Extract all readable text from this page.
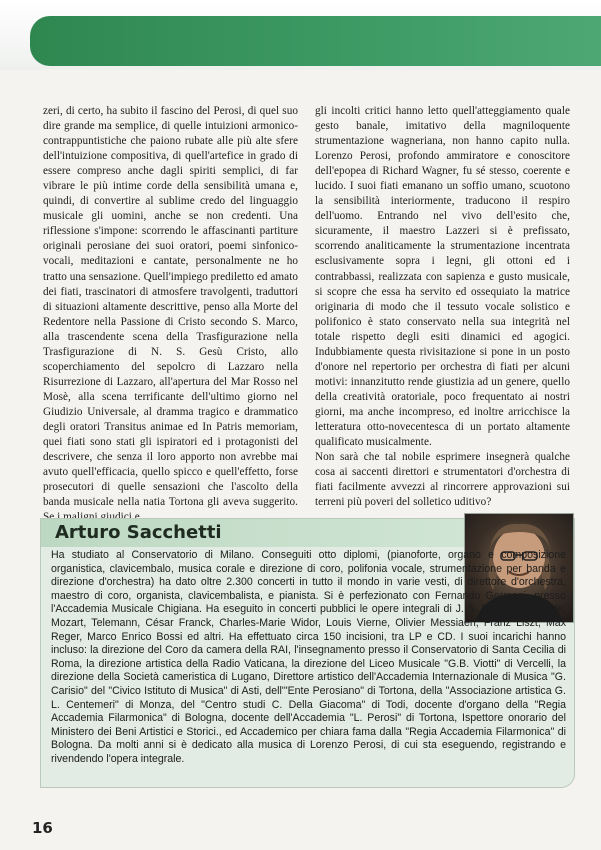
zeri, di certo, ha subito il fascino del Perosi, di quel suo dire grande ma semplice, di quelle intuizioni armonico-contrappuntistiche che paiono rubate alle più alte sfere dell'intuizione compositiva, di quell'artefice in grado di essere compreso anche dagli spiriti semplici, di far vibrare le più intime corde della sensibilità umana e, quindi, di convertire al sublime credo del linguaggio musicale gli uomini, anche se non credenti. Una riflessione s'impone: scorrendo le affascinanti partiture originali perosiane dei suoi oratori, poemi sinfonico-vocali, meditazioni e cantate, personalmente ne ho tratto una sensazione. Quell'impiego prediletto ed amato dei fiati, trascinatori di atmosfere travolgenti, traduttori di situazioni altamente descrittive, penso alla Morte del Redentore nella Passione di Cristo secondo S. Marco, alla trascendente scena della Trasfigurazione nella Trasfigurazione di N. S. Gesù Cristo, allo scoperchiamento del sepolcro di Lazzaro nella Risurrezione di Lazzaro, all'apertura del Mar Rosso nel Mosè, alla scena terrificante dell'ultimo giorno nel Giudizio Universale, al dramma tragico e drammatico degli oratori Transitus animae ed In Patris memoriam, quei fiati sono stati gli ispiratori ed i protagonisti del descrivere, che senza il loro apporto non avrebbe mai avuto quell'efficacia, quello spicco e quell'effetto, forse prosecutori di quelle sensazioni che l'ascolto della banda musicale nella natia Tortona gli aveva suggerito.

gli incolti critici hanno letto quell'atteggiamento quale gesto banale, imitativo della magniloquente strumentazione wagneriana, non hanno capito nulla. Lorenzo Perosi, profondo ammiratore e conoscitore dell'epopea di Richard Wagner, fu sé stesso, coerente e lucido. I suoi fiati emanano un soffio umano, scuotono la sensibilità interiormente, traducono il respiro dell'uomo. Entrando nel vivo dell'esito che, sicuramente, il maestro Lazzeri si è prefissato, scorrendo analiticamente la strumentazione incentrata esclusivamente sopra i legni, gli ottoni ed i contrabbassi, realizzata con sapienza e gusto musicale, si scopre che essa ha servito ed ossequiato la matrice originaria di modo che il tessuto vocale solistico e polifonico è stato conservato nella sua integrità nel totale rispetto degli esiti dinamici ed agogici. Indubbiamente questa rivisitazione si pone in un posto d'onore nel repertorio per orchestra di fiati per alcuni motivi: innanzitutto rende giustizia ad un genere, quello della creatività oratoriale, poco frequentato ai nostri giorni, ma anche incompreso, ed inoltre arricchisce la letteratura otto-novecentesca di un portato altamente qualificato musicalmente.

Non sarà che tal nobile esprimere insegnerà qualche cosa ai saccenti direttori e strumentatori d'orchestra di fiati facilmente avvezzi al rincorrere approvazioni sui terreni più poveri del solletico uditivo?

Arturo Sacchetti

Ha studiato al Conservatorio di Milano. Conseguiti otto diplomi, (pianoforte, organo e composizione organistica, clavicembalo, musica corale e direzione di coro, polifonia vocale, strumentazione per banda e direzione d'orchestra) ha dato oltre 2.300 concerti in tutto il mondo in varie vesti, di direttore d'orchestra, maestro di coro, organista, clavicembalista, e pianista. Si è perfezionato con Fernando Germani, presso l'Accademia Musicale Chigiana. Ha eseguito in concerti pubblici le opere integrali di J. S. Bach, Buxtehude, Mozart, Telemann, César Franck, Charles-Marie Widor, Louis Vierne, Olivier Messiaen, Franz Liszt, Max Reger, Marco Enrico Bossi ed altri. Ha effettuato circa 150 incisioni, tra LP e CD. I suoi incarichi hanno incluso: la direzione del Coro da camera della RAI, l'insegnamento presso il Conservatorio di Santa Cecilia di Roma, la direzione artistica della Radio Vaticana, la direzione del Liceo Musicale "G.B. Viotti" di Vercelli, la direzione della Società cameristica di Lugano, Direttore artistico dell'Accademia Internazionale di Musica "G. Carisio" del "Civico Istituto di Musica" di Asti, dell'"Ente Perosiano" di Tortona, della "Associazione artistica G. L. Centemeri" di Monza, del "Centro studi C. Della Giacoma" di Todi, docente d'organo della "Regia Accademia Filarmonica" di Bologna, docente dell'Accademia "L. Perosi" di Tortona, Ispettore onorario del Ministero dei Beni Artistici e Storici., ed Accademico per chiara fama dalla "Regia Accademia Filarmonica" di Bologna. Da molti anni si è dedicato alla musica di Lorenzo Perosi, di cui sta eseguendo, registrando e rivendendo l'opera integrale.

16
